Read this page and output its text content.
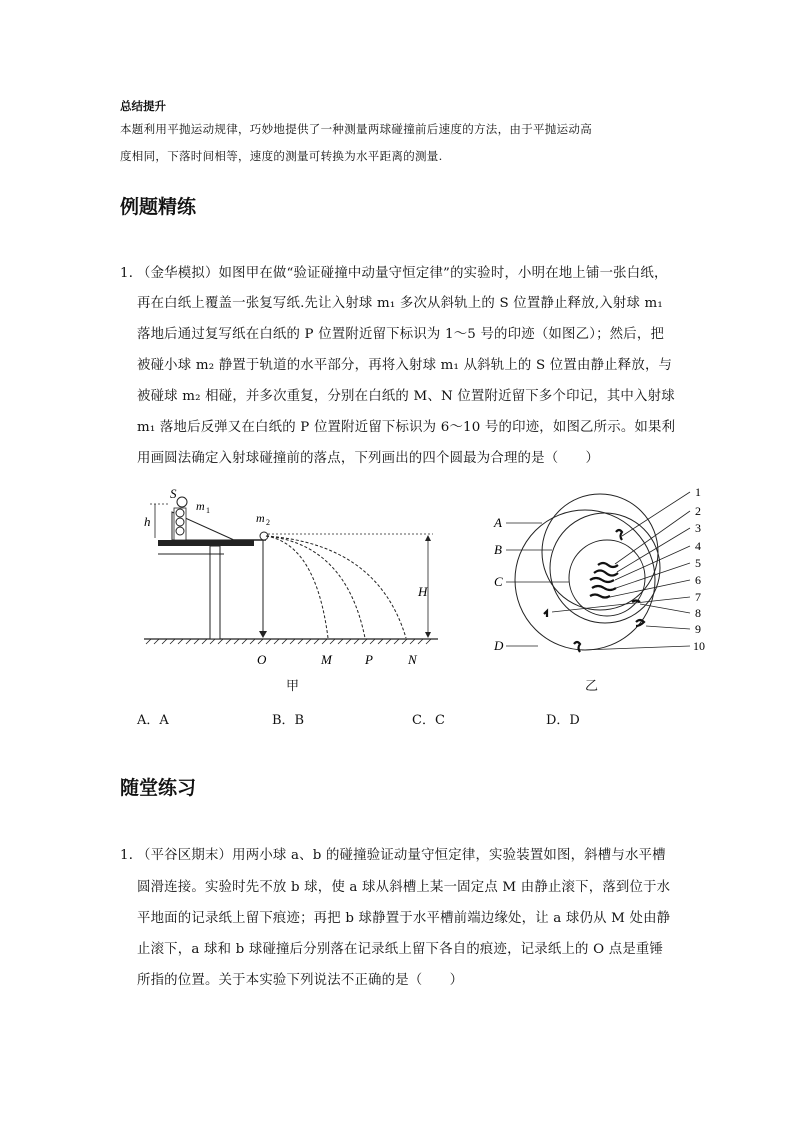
总结提升
本题利用平抛运动规律，巧妙地提供了一种测量两球碰撞前后速度的方法，由于平抛运动高
度相同，下落时间相等，速度的测量可转换为水平距离的测量.
例题精练
1．
（金华模拟）如图甲在做“验证碰撞中动量守恒定律”的实验时，小明在地上铺一张白纸，
再在白纸上覆盖一张复写纸.先让入射球 m₁ 多次从斜轨上的 S 位置静止释放,入射球 m₁
落地后通过复写纸在白纸的 P 位置附近留下标识为 1～5 号的印迹（如图乙）；然后，把
被碰小球 m₂ 静置于轨道的水平部分，再将入射球 m₁ 从斜轨上的 S 位置由静止释放，与
被碰球 m₂ 相碰，并多次重复，分别在白纸的 M、N 位置附近留下多个印记，其中入射球
m₁ 落地后反弹又在白纸的 P 位置附近留下标识为 6～10 号的印迹，如图乙所示。如果利
用画圆法确定入射球碰撞前的落点，下列画出的四个圆最为合理的是（　　）
S
m 1
h	m 2
H
O	M	P	N
甲
A
B
C
D
1
2
3
4
5
6
7
8
9
10
乙
A．A	B．B	C．C	D．D
随堂练习
1．
（平谷区期末）用两小球 a、b 的碰撞验证动量守恒定律，实验装置如图，斜槽与水平槽
圆滑连接。实验时先不放 b 球，使 a 球从斜槽上某一固定点 M 由静止滚下，落到位于水
平地面的记录纸上留下痕迹；再把 b 球静置于水平槽前端边缘处，让 a 球仍从 M 处由静
止滚下，a 球和 b 球碰撞后分别落在记录纸上留下各自的痕迹，记录纸上的 O 点是重锤
所指的位置。关于本实验下列说法不正确的是（　　）
